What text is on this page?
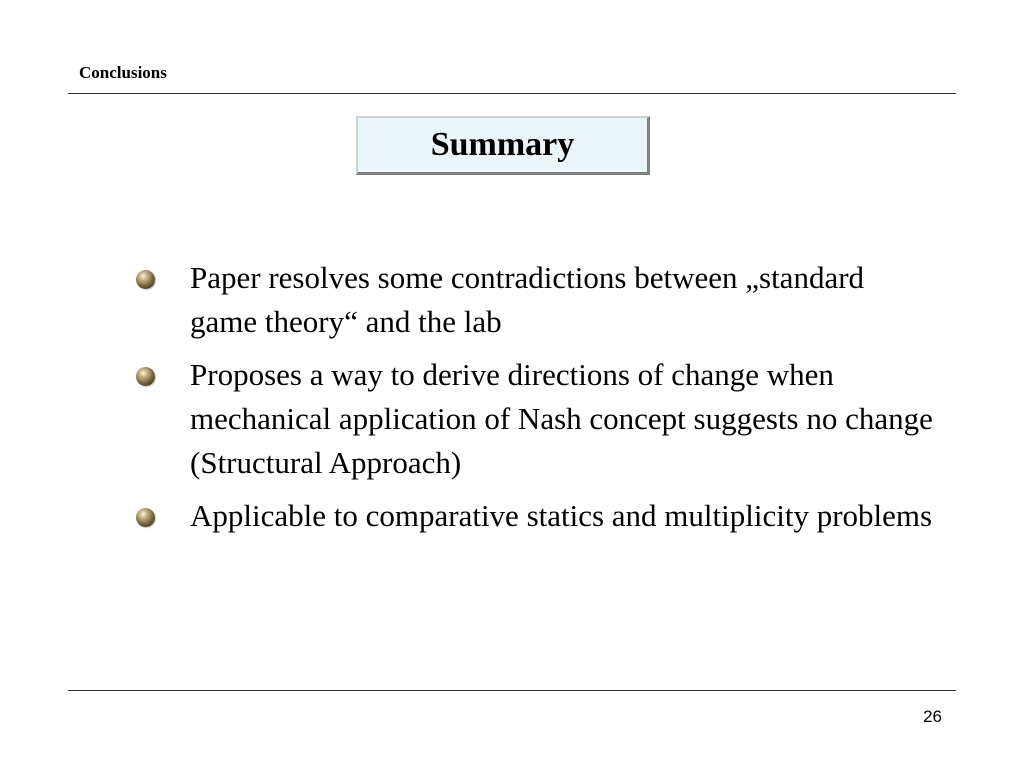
Conclusions
Summary
Paper resolves some contradictions between „standard game theory“ and the lab
Proposes a way to derive directions of change when mechanical application of Nash concept suggests no change (Structural Approach)
Applicable to comparative statics and multiplicity problems
26
